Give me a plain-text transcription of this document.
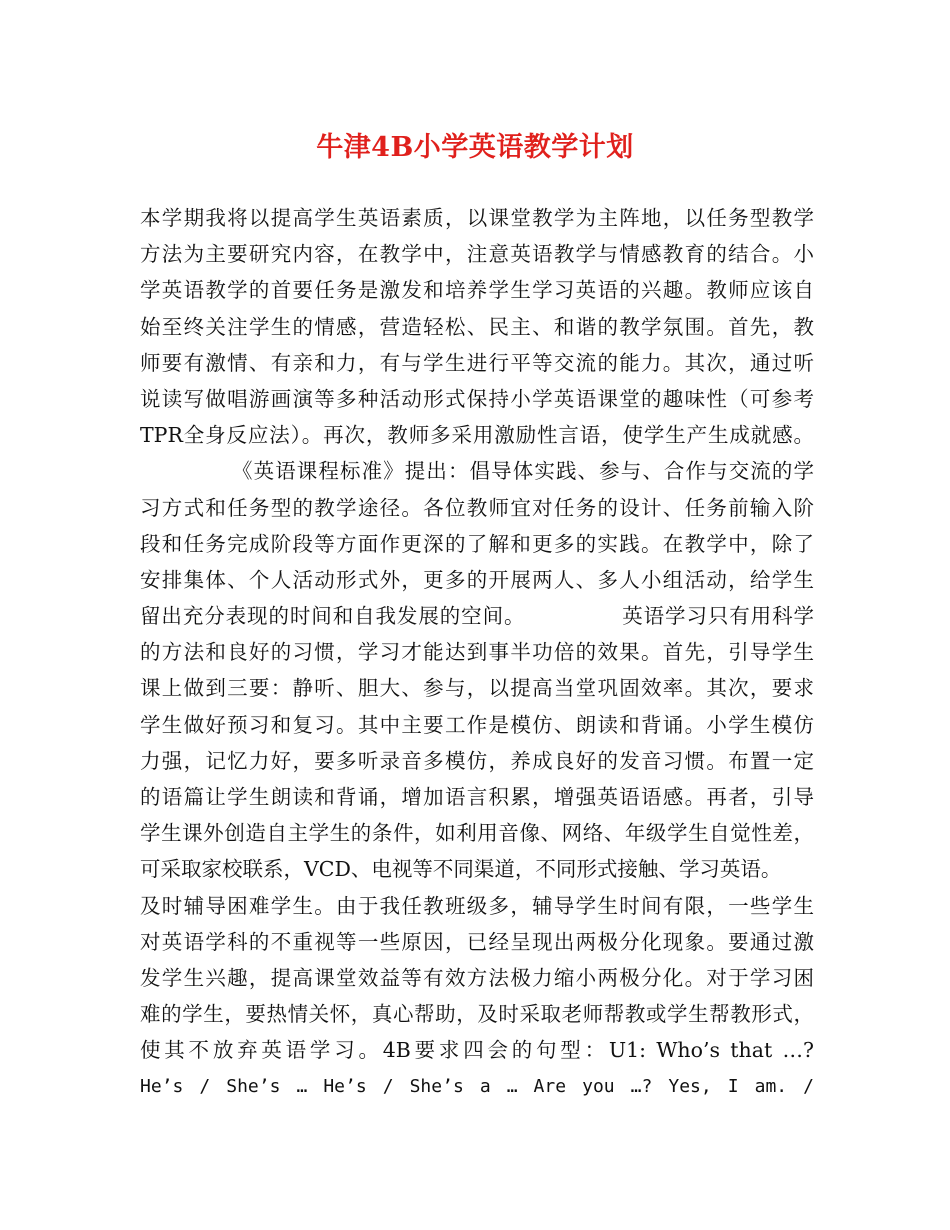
牛津4B小学英语教学计划
本学期我将以提高学生英语素质，以课堂教学为主阵地，以任务型教学
方法为主要研究内容，在教学中，注意英语教学与情感教育的结合。小
学英语教学的首要任务是激发和培养学生学习英语的兴趣。教师应该自
始至终关注学生的情感，营造轻松、民主、和谐的教学氛围。首先，教
师要有激情、有亲和力，有与学生进行平等交流的能力。其次，通过听
说读写做唱游画演等多种活动形式保持小学英语课堂的趣味性（可参考
TPR全身反应法）。再次，教师多采用激励性言语，使学生产生成就感。
《英语课程标准》提出：倡导体实践、参与、合作与交流的学
习方式和任务型的教学途径。各位教师宜对任务的设计、任务前输入阶
段和任务完成阶段等方面作更深的了解和更多的实践。在教学中，除了
安排集体、个人活动形式外，更多的开展两人、多人小组活动，给学生
留出充分表现的时间和自我发展的空间。　　　　　英语学习只有用科学
的方法和良好的习惯，学习才能达到事半功倍的效果。首先，引导学生
课上做到三要：静听、胆大、参与，以提高当堂巩固效率。其次，要求
学生做好预习和复习。其中主要工作是模仿、朗读和背诵。小学生模仿
力强，记忆力好，要多听录音多模仿，养成良好的发音习惯。布置一定
的语篇让学生朗读和背诵，增加语言积累，增强英语语感。再者，引导
学生课外创造自主学生的条件，如利用音像、网络、年级学生自觉性差，
可采取家校联系，VCD、电视等不同渠道，不同形式接触、学习英语。
及时辅导困难学生。由于我任教班级多，辅导学生时间有限，一些学生
对英语学科的不重视等一些原因，已经呈现出两极分化现象。要通过激
发学生兴趣，提高课堂效益等有效方法极力缩小两极分化。对于学习困
难的学生，要热情关怀，真心帮助，及时采取老师帮教或学生帮教形式，
使其不放弃英语学习。4B要求四会的句型：U1: Who’s that …?
He’s / She’s … He’s / She’s a … Are you …? Yes, I am. /
